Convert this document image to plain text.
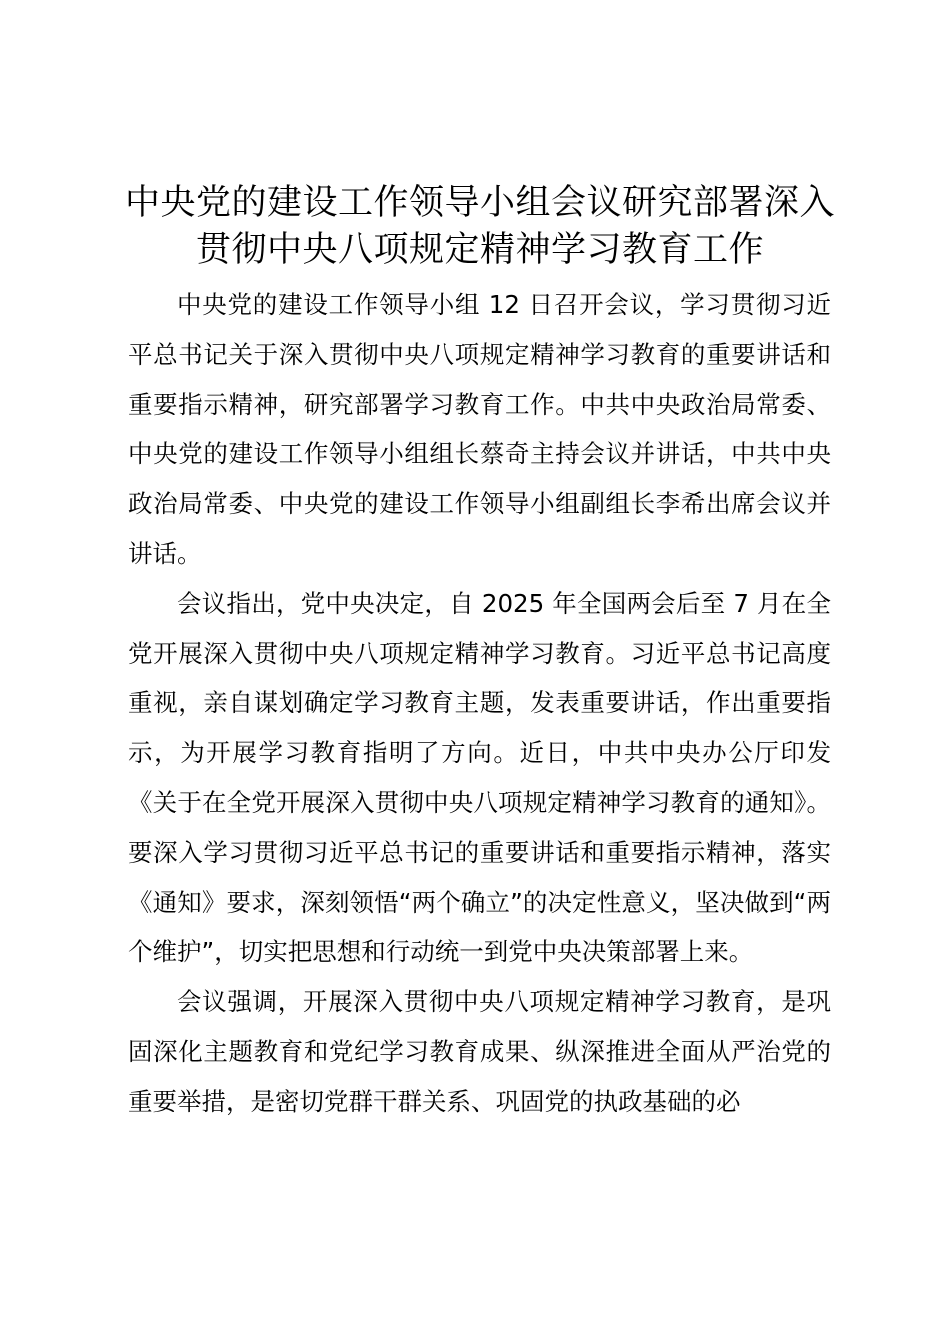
中央党的建设工作领导小组会议研究部署深入
贯彻中央八项规定精神学习教育工作

中央党的建设工作领导小组 12 日召开会议，学习贯彻习近平总书记关于深入贯彻中央八项规定精神学习教育的重要讲话和重要指示精神，研究部署学习教育工作。中共中央政治局常委、中央党的建设工作领导小组组长蔡奇主持会议并讲话，中共中央政治局常委、中央党的建设工作领导小组副组长李希出席会议并讲话。

会议指出，党中央决定，自 2025 年全国两会后至 7 月在全党开展深入贯彻中央八项规定精神学习教育。习近平总书记高度重视，亲自谋划确定学习教育主题，发表重要讲话，作出重要指示，为开展学习教育指明了方向。近日，中共中央办公厅印发《关于在全党开展深入贯彻中央八项规定精神学习教育的通知》。要深入学习贯彻习近平总书记的重要讲话和重要指示精神，落实《通知》要求，深刻领悟“两个确立”的决定性意义，坚决做到“两个维护”，切实把思想和行动统一到党中央决策部署上来。

会议强调，开展深入贯彻中央八项规定精神学习教育，是巩固深化主题教育和党纪学习教育成果、纵深推进全面从严治党的重要举措，是密切党群干群关系、巩固党的执政基础的必
